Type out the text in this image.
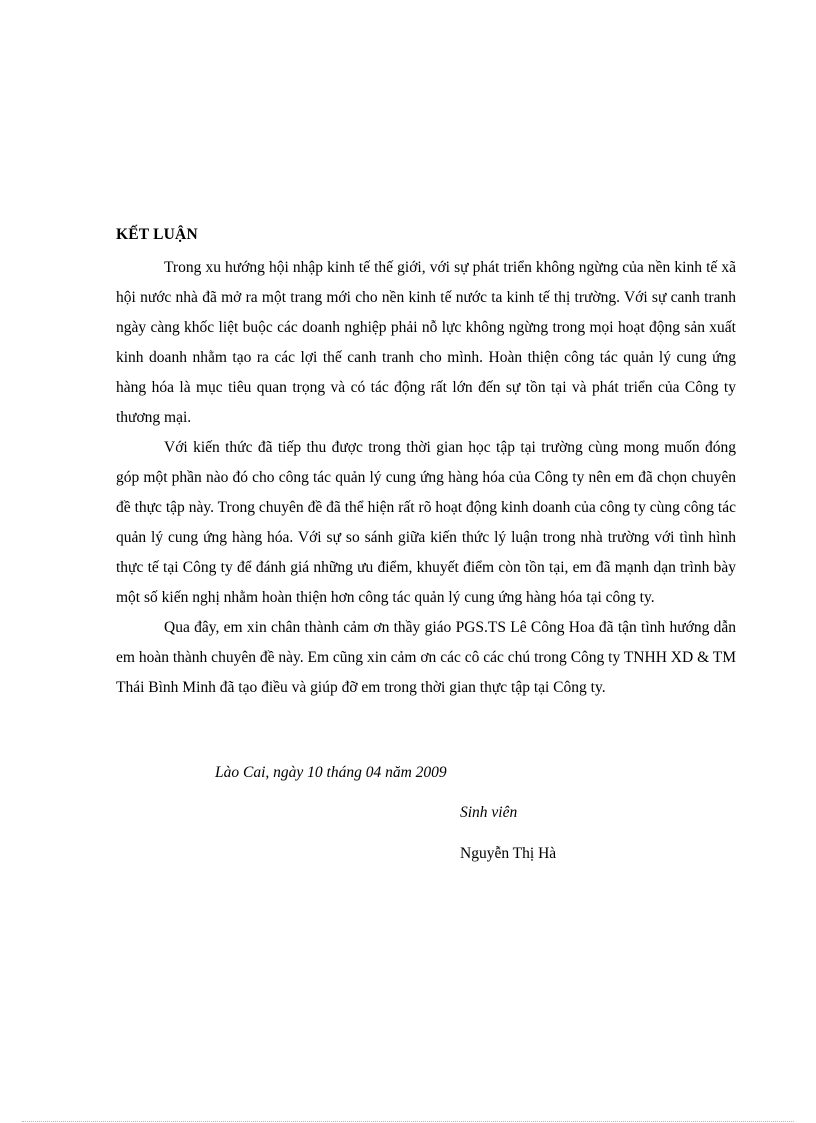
KẾT LUẬN

Trong xu hướng hội nhập kinh tế thế giới, với sự phát triển không ngừng của nền kinh tế xã hội nước nhà đã mở ra một trang mới cho nền kinh tế nước ta kinh tế thị trường. Với sự canh tranh ngày càng khốc liệt buộc các doanh nghiệp phải nỗ lực không ngừng trong mọi hoạt động sản xuất kinh doanh nhằm tạo ra các lợi thế canh tranh cho mình. Hoàn thiện công tác quản lý cung ứng hàng hóa là mục tiêu quan trọng và có tác động rất lớn đến sự tồn tại và phát triển của Công ty thương mại.

Với kiến thức đã tiếp thu được trong thời gian học tập tại trường cùng mong muốn đóng góp một phần nào đó cho công tác quản lý cung ứng hàng hóa của Công ty nên em đã chọn chuyên đề thực tập này. Trong chuyên đề đã thể hiện rất rõ hoạt động kinh doanh của công ty cùng công tác quản lý cung ứng hàng hóa. Với sự so sánh giữa kiến thức lý luận trong nhà trường với tình hình thực tế tại Công ty để đánh giá những ưu điểm, khuyết điểm còn tồn tại, em đã mạnh dạn trình bày một số kiến nghị nhằm hoàn thiện hơn công tác quản lý cung ứng hàng hóa tại công ty.

Qua đây, em xin chân thành cảm ơn thầy giáo PGS.TS Lê Công Hoa đã tận tình hướng dẫn em hoàn thành chuyên đề này. Em cũng xin cảm ơn các cô các chú trong Công ty TNHH XD & TM Thái Bình Minh đã tạo điều và giúp đỡ em trong thời gian thực tập tại Công ty.

Lào Cai, ngày 10 tháng 04 năm 2009
Sinh viên
Nguyễn Thị Hà
